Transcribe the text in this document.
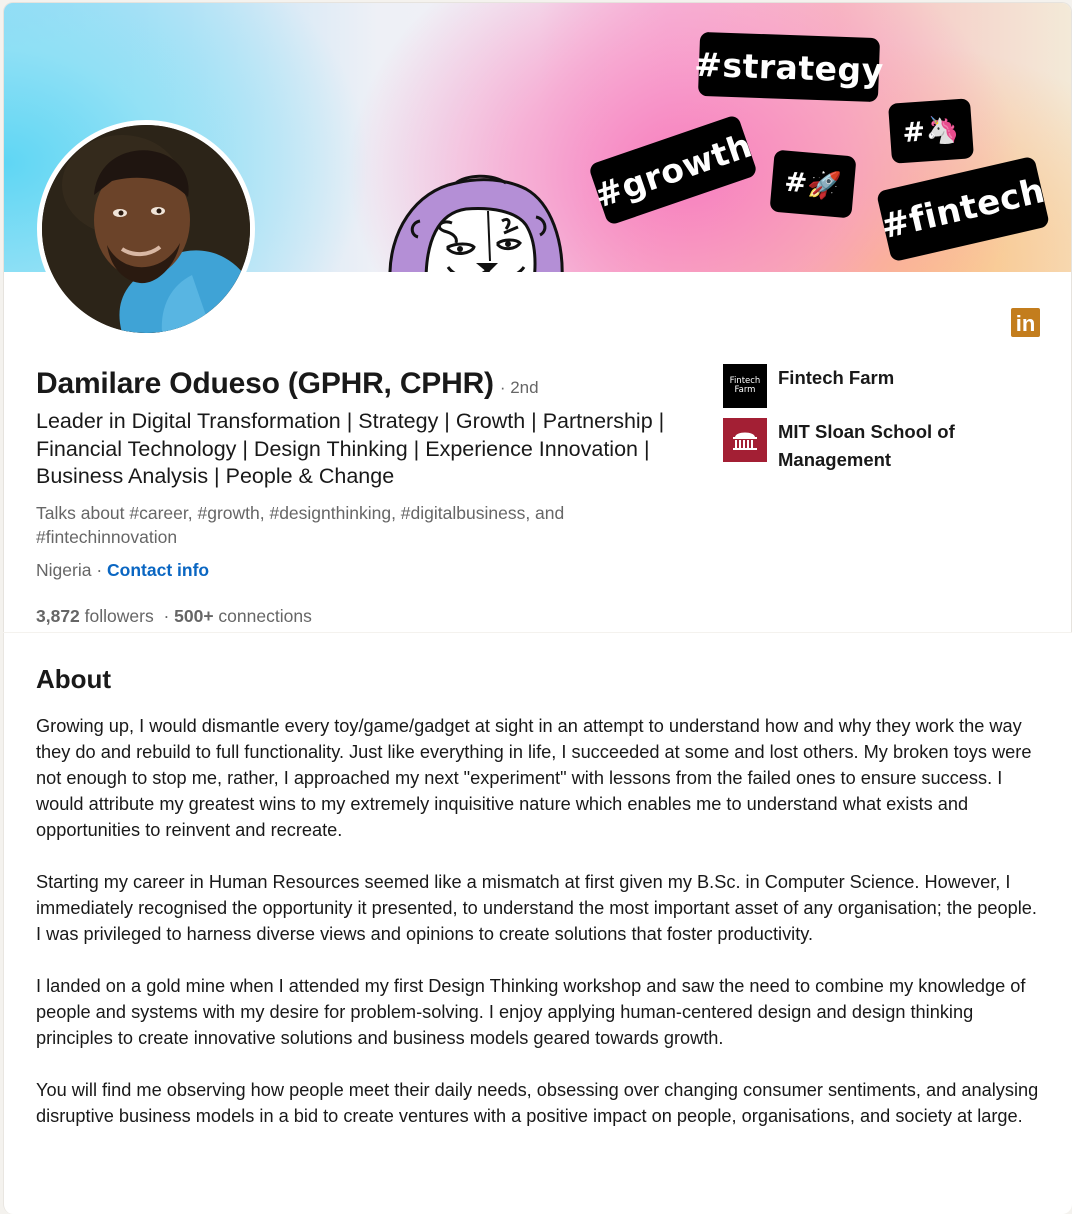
#strategy
#growth #🚀
#🦄
#fintech
in
Damilare Odueso (GPHR, CPHR) · 2nd
Leader in Digital Transformation | Strategy | Growth | Partnership | Financial Technology | Design Thinking | Experience Innovation | Business Analysis | People & Change
Talks about #career, #growth, #designthinking, #digitalbusiness, and #fintechinnovation
Nigeria · Contact info
3,872 followers  · 500+ connections
Fintech Farm
Fintech Farm
MIT Sloan School of Management
About

Growing up, I would dismantle every toy/game/gadget at sight in an attempt to understand how and why they work the way they do and rebuild to full functionality. Just like everything in life, I succeeded at some and lost others. My broken toys were not enough to stop me, rather, I approached my next "experiment" with lessons from the failed ones to ensure success. I would attribute my greatest wins to my extremely inquisitive nature which enables me to understand what exists and opportunities to reinvent and recreate.

Starting my career in Human Resources seemed like a mismatch at first given my B.Sc. in Computer Science. However, I immediately recognised the opportunity it presented, to understand the most important asset of any organisation; the people. I was privileged to harness diverse views and opinions to create solutions that foster productivity.

I landed on a gold mine when I attended my first Design Thinking workshop and saw the need to combine my knowledge of people and systems with my desire for problem-solving. I enjoy applying human-centered design and design thinking principles to create innovative solutions and business models geared towards growth.

You will find me observing how people meet their daily needs, obsessing over changing consumer sentiments, and analysing disruptive business models in a bid to create ventures with a positive impact on people, organisations, and society at large.
